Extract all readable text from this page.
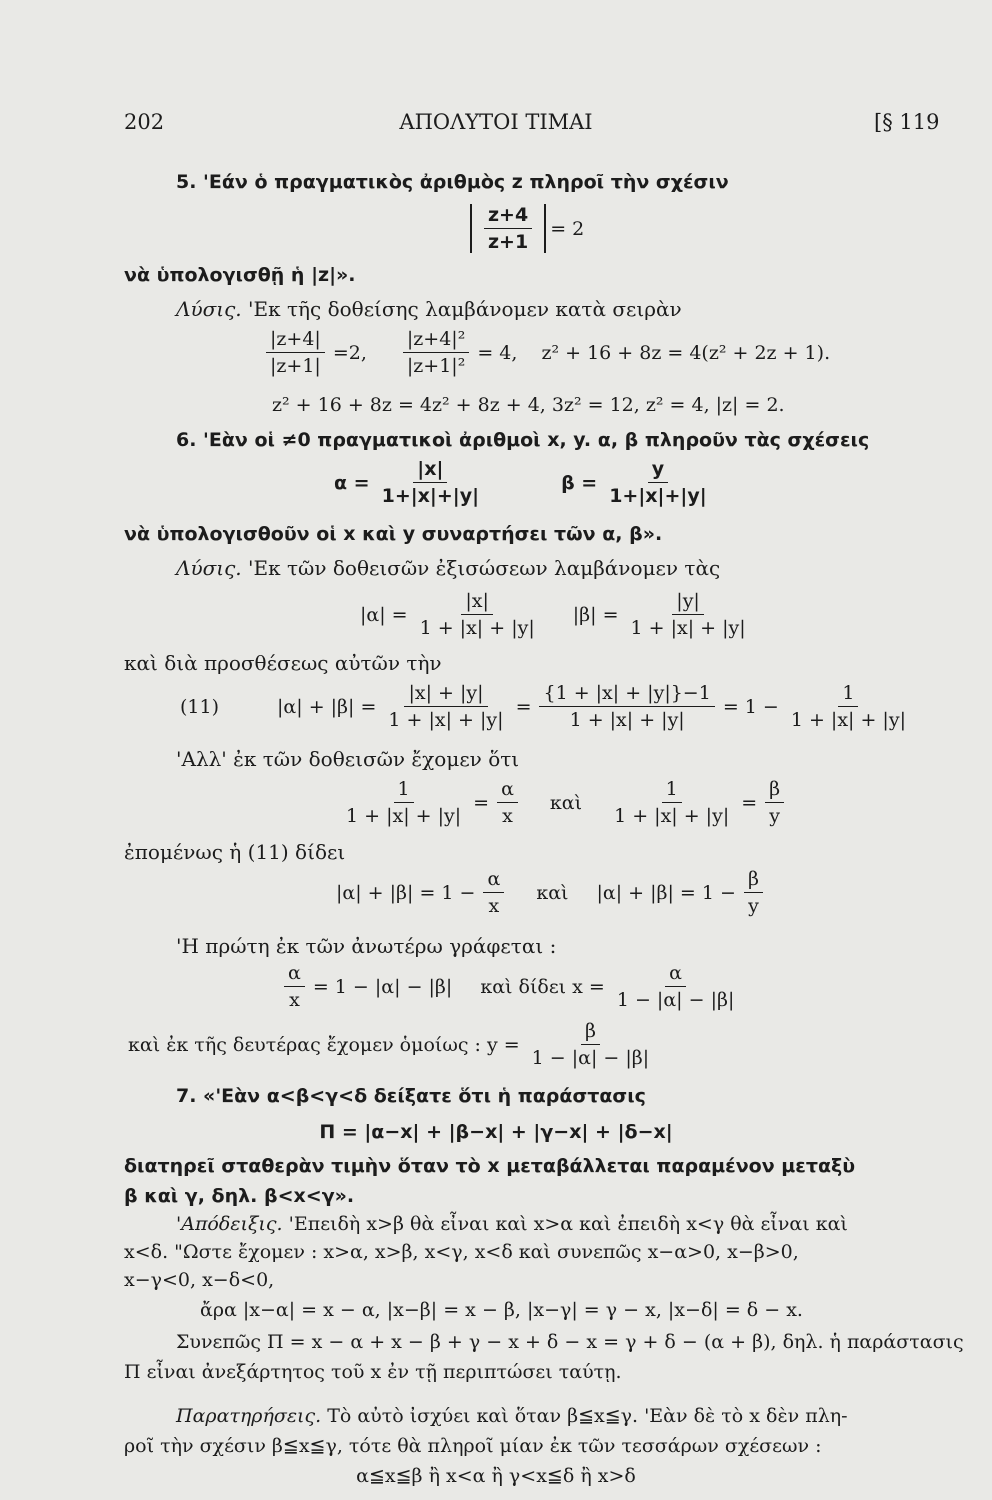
202	ΑΠΟΛΥΤΟΙ ΤΙΜΑΙ	[§ 119
5. 'Εάν ὁ πραγματικὸς ἀριθμὸς z πληροῖ τὴν σχέσιν
$\frac{z+4}{z+1} = 2$
νὰ ὑπολογισθῇ ἡ |z|».
Λύσις. 'Εκ τῆς δοθείσης λαμβάνομεν κατὰ σειρὰν
$\frac{|z+4|}{|z+1|} =2$, $\frac{\text{|z+4|²}}{\text{|z+1|²}} = 4$, z² + 16 + 8z = 4(z² + 2z + 1).
z² + 16 + 8z = 4z² + 8z + 4, 3z² = 12, z² = 4, |z| = 2.
6. 'Εὰν οἱ ≠0 πραγματικοὶ ἀριθμοὶ x, y. α, β πληροῦν τὰς σχέσεις
$\alpha = \frac{|x|}{1+|x|+|y|}$	$\beta = \frac{y}{1+|x|+|y|}$
νὰ ὑπολογισθοῦν οἱ x καὶ y συναρτήσει τῶν α, β».
Λύσις. 'Εκ τῶν δοθεισῶν ἐξισώσεων λαμβάνομεν τὰς
$|\alpha| = \frac{|x|}{1 + |x| + |y|} |\beta| = \frac{|y|}{1 + |x| + |y|}$
καὶ διὰ προσθέσεως αὐτῶν τὴν
(11)	$|\alpha| + |\beta| = \frac{|x| + |y|}{1 + |x| + |y|} = \frac{\{1 + |x| + |y|\}-1}{1 + |x| + |y|} = 1 - \frac{1}{1 + |x| + |y|}$
'Αλλ' ἐκ τῶν δοθεισῶν ἔχομεν ὅτι
$\frac{1}{1 + |x| + |y|} = \frac{\alpha}{x}$ καὶ $\frac{1}{1 + |x| + |y|} = \frac{\beta}{y}$
ἐπομένως ἡ (11) δίδει
$|\alpha| + |\beta| = 1 - \frac{\alpha}{x}$ καὶ $|\alpha| + |\beta| = 1 - \frac{\beta}{y}$
'Η πρώτη ἐκ τῶν ἀνωτέρω γράφεται :
$\frac{\alpha}{x} = 1 - |\alpha| - |\beta|$ καὶ δίδει $x = \frac{\alpha}{1 - |\alpha| - |\beta|}$
καὶ ἐκ τῆς δευτέρας ἔχομεν ὁμοίως : $y = \frac{\beta}{1 - |\alpha| - |\beta|}$
7. «'Εὰν α<β<γ<δ δείξατε ὅτι ἡ παράστασις
Π = |α−x| + |β−x| + |γ−x| + |δ−x|
διατηρεῖ σταθερὰν τιμὴν ὅταν τὸ x μεταβάλλεται παραμένον μεταξὺ
β καὶ γ, δηλ. β<x<γ».
'Απόδειξις. 'Επειδὴ x>β θὰ εἶναι καὶ x>α καὶ ἐπειδὴ x<γ θὰ εἶναι καὶ
x<δ. "Ωστε ἔχομεν : x>α, x>β, x<γ, x<δ καὶ συνεπῶς x−α>0, x−β>0,
x−γ<0, x−δ<0,
ἄρα |x−α| = x − α, |x−β| = x − β, |x−γ| = γ − x, |x−δ| = δ − x.
Συνεπῶς Π = x − α + x − β + γ − x + δ − x = γ + δ − (α + β), δηλ. ἡ παράστασις
Π εἶναι ἀνεξάρτητος τοῦ x ἐν τῇ περιπτώσει ταύτῃ.
Παρατηρήσεις. Τὸ αὐτὸ ἰσχύει καὶ ὅταν β≦x≦γ. 'Εὰν δὲ τὸ x δὲν πλη-
ροῖ τὴν σχέσιν β≦x≦γ, τότε θὰ πληροῖ μίαν ἐκ τῶν τεσσάρων σχέσεων :
α≦x≦β ἢ x<α ἢ γ<x≦δ ἢ x>δ
